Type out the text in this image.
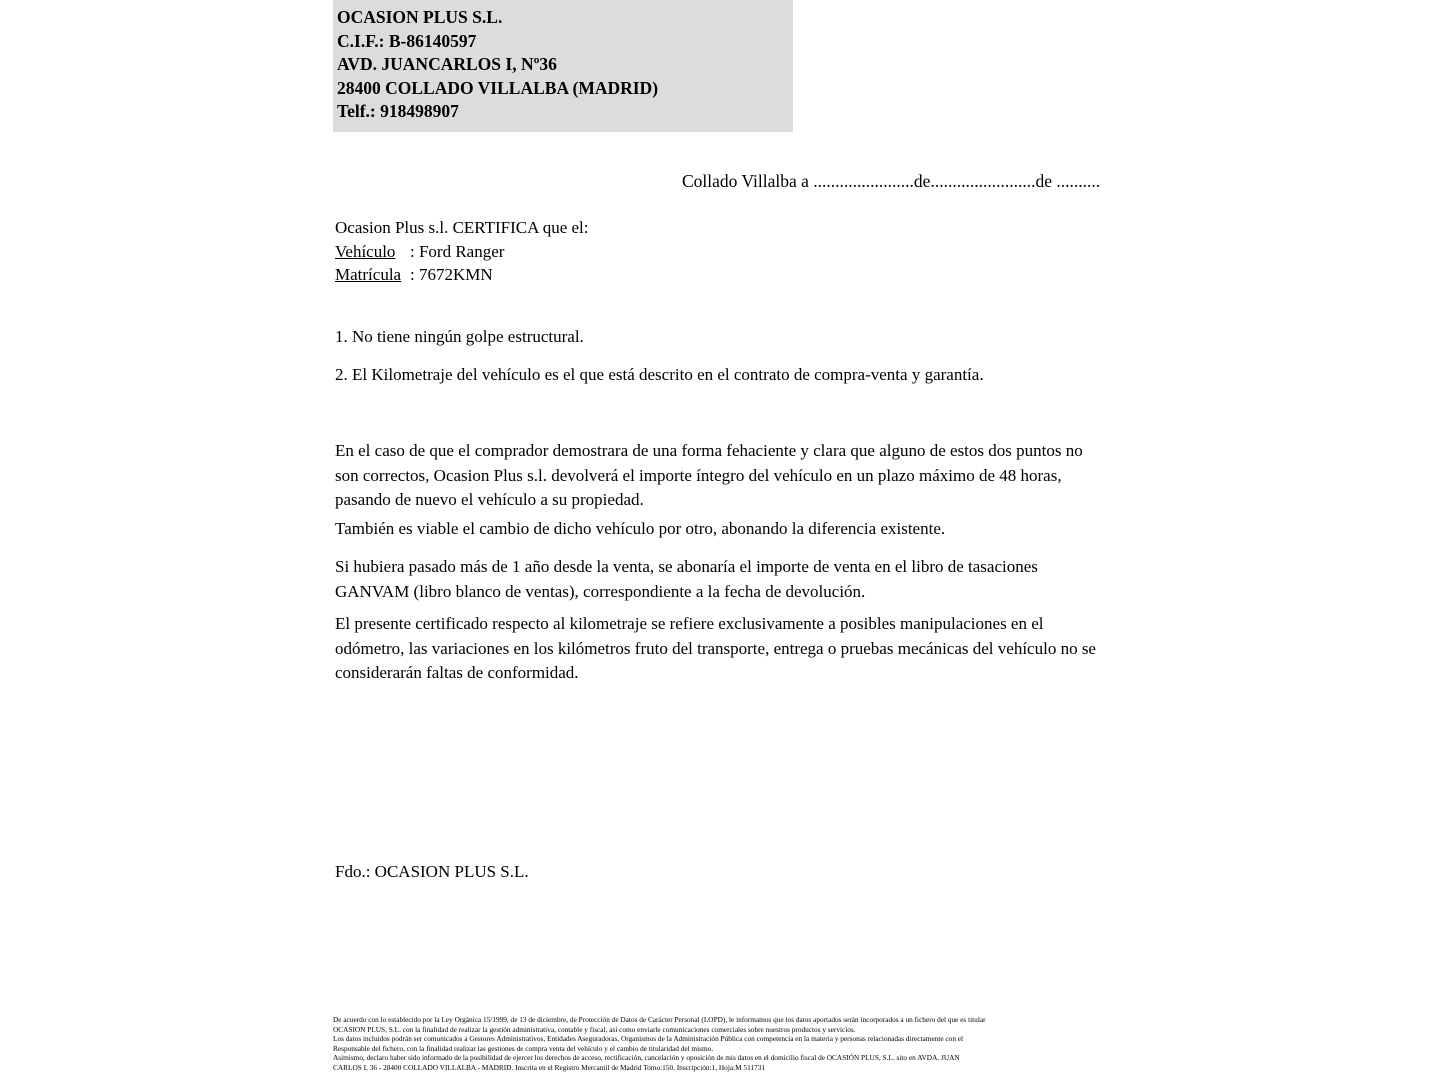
OCASION PLUS S.L.
C.I.F.: B-86140597
AVD. JUANCARLOS I, Nº36
28400 COLLADO VILLALBA (MADRID)
Telf.: 918498907
Collado Villalba a .......................de........................de ..........
Ocasion Plus s.l. CERTIFICA que el:
Vehículo : Ford Ranger
Matrícula : 7672KMN
1. No tiene ningún golpe estructural.
2. El Kilometraje del vehículo es el que está descrito en el contrato de compra-venta y garantía.
En el caso de que el comprador demostrara de una forma fehaciente y clara que alguno de estos dos puntos no son correctos, Ocasion Plus s.l. devolverá el importe íntegro del vehículo en un plazo máximo de 48 horas, pasando de nuevo el vehículo a su propiedad.
También es viable el cambio de dicho vehículo por otro, abonando la diferencia existente.
Si hubiera pasado más de 1 año desde la venta, se abonaría el importe de venta en el libro de tasaciones GANVAM (libro blanco de ventas), correspondiente a la fecha de devolución.
El presente certificado respecto al kilometraje se refiere exclusivamente a posibles manipulaciones en el odómetro, las variaciones en los kilómetros fruto del transporte, entrega o pruebas mecánicas del vehículo no se considerarán faltas de conformidad.
Fdo.: OCASION PLUS S.L.

De acuerdo con lo establecido por la Ley Orgánica 15/1999, de 13 de diciembre, de Protección de Datos de Carácter Personal (LOPD), le informamos que los datos aportados serán incorporados a un fichero del que es titular

OCASION PLUS, S.L. con la finalidad de realizar la gestión administrativa, contable y fiscal, así como enviarle comunicaciones comerciales sobre nuestros productos y servicios.

Los datos incluidos podrán ser comunicados a Gestores Administrativos, Entidades Aseguradoras, Organismos de la Administración Pública con competencia en la materia y personas relacionadas directamente con el

Responsable del fichero, con la finalidad realizar las gestiones de compra venta del vehículo y el cambio de titularidad del mismo.

Asimismo, declaro haber sido informado de la posibilidad de ejercer los derechos de acceso, rectificación, cancelación y oposición de mis datos en el domicilio fiscal de OCASIÓN PLUS, S.L. sito en AVDA. JUAN

CARLOS I, 36 - 28400 COLLADO VILLALBA - MADRID. Inscrita en el Registro Mercantil de Madrid Tomo:150. Inscripción:1, Hoja:M 511731
